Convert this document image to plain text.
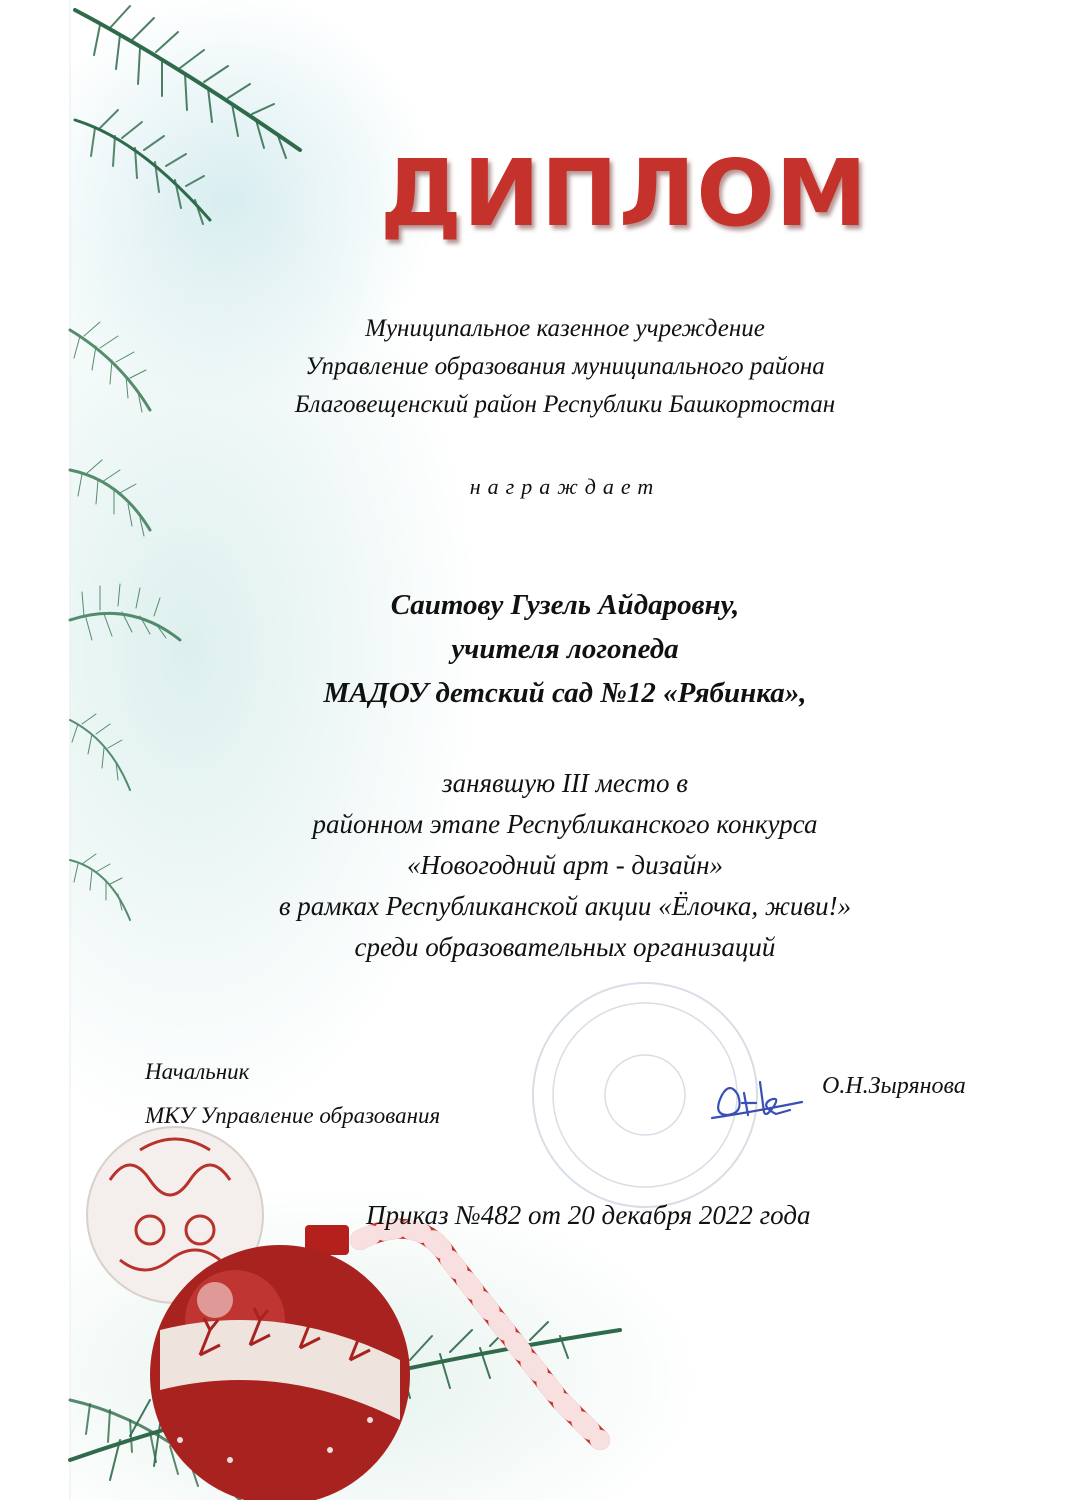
ДИПЛОМ
Муниципальное казенное учреждение
Управление образования муниципального района
Благовещенский район Республики Башкортостан
награждает
Саитову Гузель Айдаровну,
учителя логопеда
МАДОУ детский сад №12 «Рябинка»,
занявшую III место в
районном этапе Республиканского конкурса
«Новогодний арт - дизайн»
в рамках Республиканской акции «Ёлочка, живи!»
среди образовательных организаций
Начальник
МКУ Управление образования
О.Н.Зырянова
Приказ №482 от 20 декабря 2022 года
